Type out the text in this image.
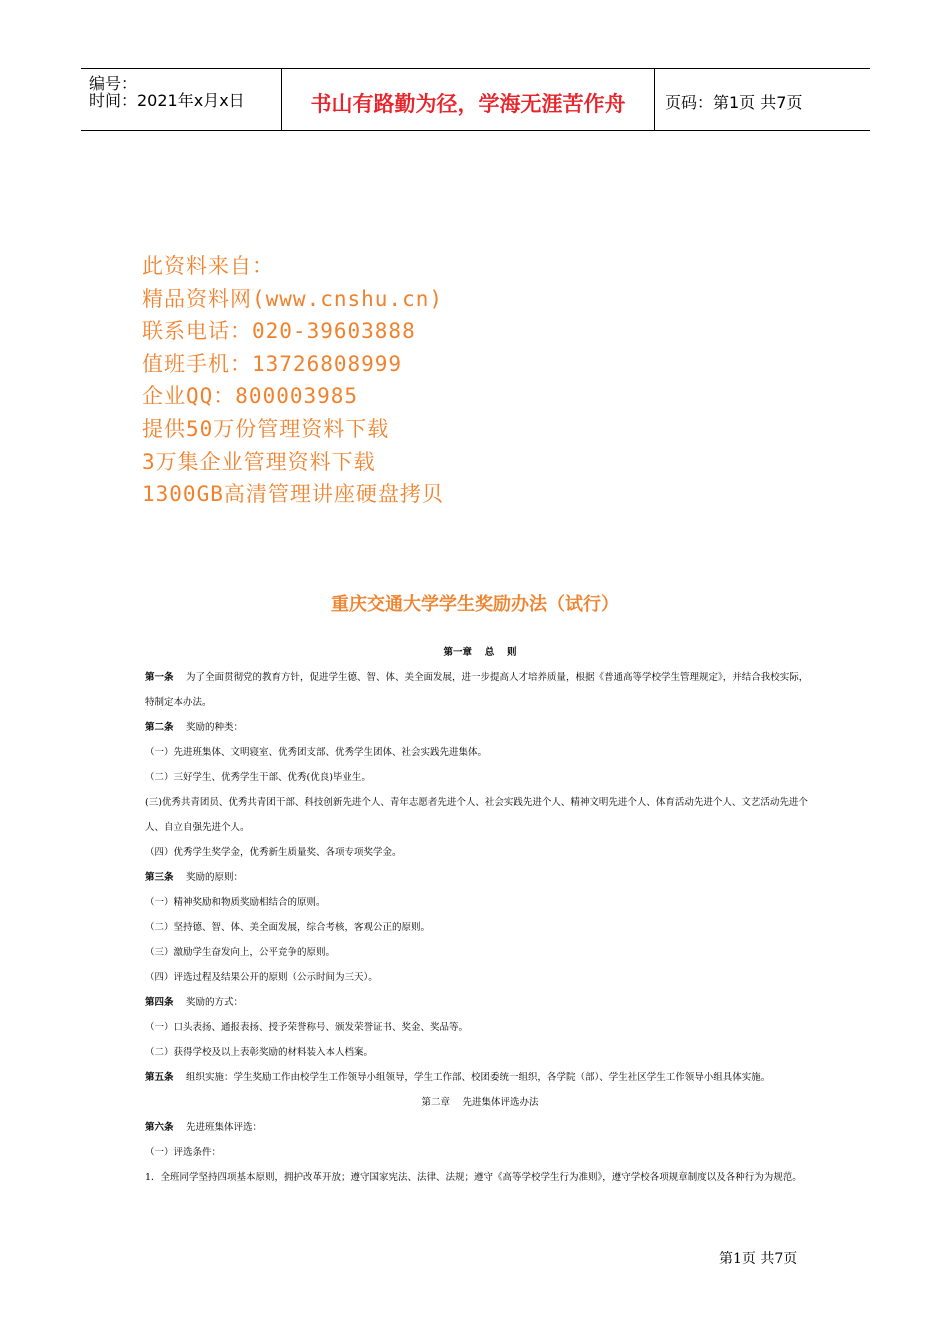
编号：
时间：2021年x月x日	书山有路勤为径，学海无涯苦作舟	页码：第1页 共7页
此资料来自：
精品资料网(www.cnshu.cn)
联系电话：020-39603888
值班手机：13726808999
企业QQ：800003985
提供50万份管理资料下载
3万集企业管理资料下载
1300GB高清管理讲座硬盘拷贝
重庆交通大学学生奖励办法（试行）
第一章　 总　 则
第一条　 为了全面贯彻党的教育方针，促进学生德、智、体、美全面发展，进一步提高人才培养质量，根据《普通高等学校学生管理规定》，并结合我校实际，特制定本办法。
第二条　 奖励的种类：
（一）先进班集体、文明寝室、优秀团支部、优秀学生团体、社会实践先进集体。
（二）三好学生、优秀学生干部、优秀(优良)毕业生。
(三)优秀共青团员、优秀共青团干部、科技创新先进个人、青年志愿者先进个人、社会实践先进个人、精神文明先进个人、体育活动先进个人、文艺活动先进个人、自立自强先进个人。
（四）优秀学生奖学金，优秀新生质量奖、各项专项奖学金。
第三条　 奖励的原则：
（一）精神奖励和物质奖励相结合的原则。
（二）坚持德、智、体、美全面发展，综合考核，客观公正的原则。
（三）激励学生奋发向上，公平竞争的原则。
（四）评选过程及结果公开的原则（公示时间为三天）。
第四条　 奖励的方式：
（一）口头表扬、通报表扬、授予荣誉称号、颁发荣誉证书、奖金、奖品等。
（二）获得学校及以上表彰奖励的材料装入本人档案。
第五条　 组织实施：学生奖励工作由校学生工作领导小组领导，学生工作部、校团委统一组织，各学院（部）、学生社区学生工作领导小组具体实施。
第二章　 先进集体评选办法
第六条　 先进班集体评选：
（一）评选条件：
1．全班同学坚持四项基本原则，拥护改革开放；遵守国家宪法、法律、法规；遵守《高等学校学生行为准则》，遵守学校各项规章制度以及各种行为为规范。
第1页 共7页
